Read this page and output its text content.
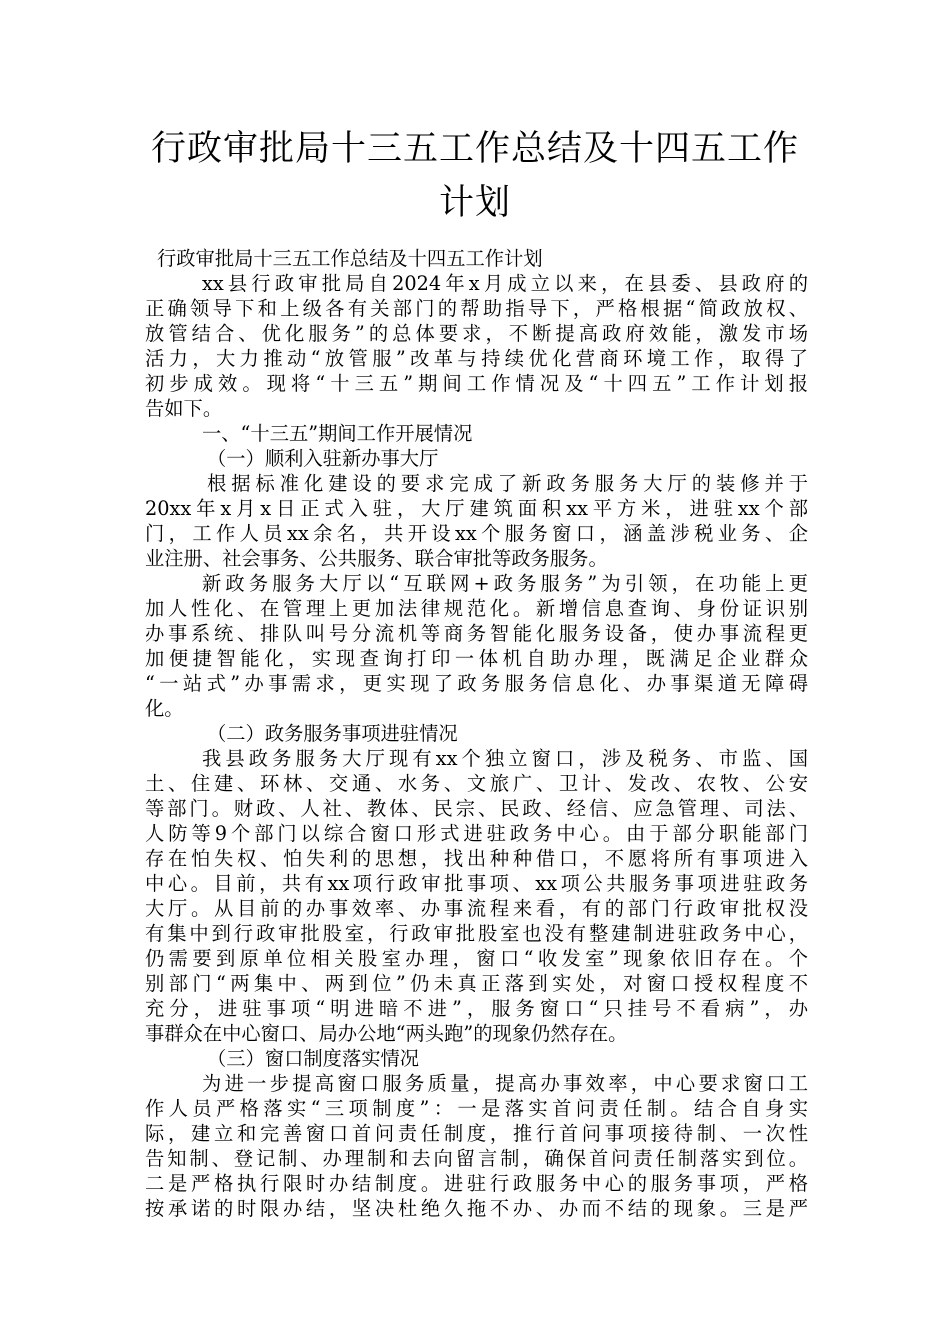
行政审批局十三五工作总结及十四五工作
计划
行政审批局十三五工作总结及十四五工作计划
xx县行政审批局自2024年x月成立以来，在县委、县政府的
正确领导下和上级各有关部门的帮助指导下，严格根据“简政放权、
放管结合、优化服务”的总体要求，不断提高政府效能，激发市场
活力，大力推动“放管服”改革与持续优化营商环境工作，取得了
初步成效。现将“十三五”期间工作情况及“十四五”工作计划报
告如下。
一、“十三五”期间工作开展情况
（一）顺利入驻新办事大厅
根据标准化建设的要求完成了新政务服务大厅的装修并于
20xx年x月x日正式入驻，大厅建筑面积xx平方米，进驻xx个部
门，工作人员xx余名，共开设xx个服务窗口，涵盖涉税业务、企
业注册、社会事务、公共服务、联合审批等政务服务。
新政务服务大厅以“互联网+政务服务”为引领，在功能上更
加人性化、在管理上更加法律规范化。新增信息查询、身份证识别
办事系统、排队叫号分流机等商务智能化服务设备，使办事流程更
加便捷智能化，实现查询打印一体机自助办理，既满足企业群众
“一站式”办事需求，更实现了政务服务信息化、办事渠道无障碍
化。
（二）政务服务事项进驻情况
我县政务服务大厅现有xx个独立窗口，涉及税务、市监、国
土、住建、环林、交通、水务、文旅广、卫计、发改、农牧、公安
等部门。财政、人社、教体、民宗、民政、经信、应急管理、司法、
人防等9个部门以综合窗口形式进驻政务中心。由于部分职能部门
存在怕失权、怕失利的思想，找出种种借口，不愿将所有事项进入
中心。目前，共有xx项行政审批事项、xx项公共服务事项进驻政务
大厅。从目前的办事效率、办事流程来看，有的部门行政审批权没
有集中到行政审批股室，行政审批股室也没有整建制进驻政务中心，
仍需要到原单位相关股室办理，窗口“收发室”现象依旧存在。个
别部门“两集中、两到位”仍未真正落到实处，对窗口授权程度不
充分，进驻事项“明进暗不进”，服务窗口“只挂号不看病”，办
事群众在中心窗口、局办公地“两头跑”的现象仍然存在。
（三）窗口制度落实情况
为进一步提高窗口服务质量，提高办事效率，中心要求窗口工
作人员严格落实“三项制度”：一是落实首问责任制。结合自身实
际，建立和完善窗口首问责任制度，推行首问事项接待制、一次性
告知制、登记制、办理制和去向留言制，确保首问责任制落实到位。
二是严格执行限时办结制度。进驻行政服务中心的服务事项，严格
按承诺的时限办结，坚决杜绝久拖不办、办而不结的现象。三是严
